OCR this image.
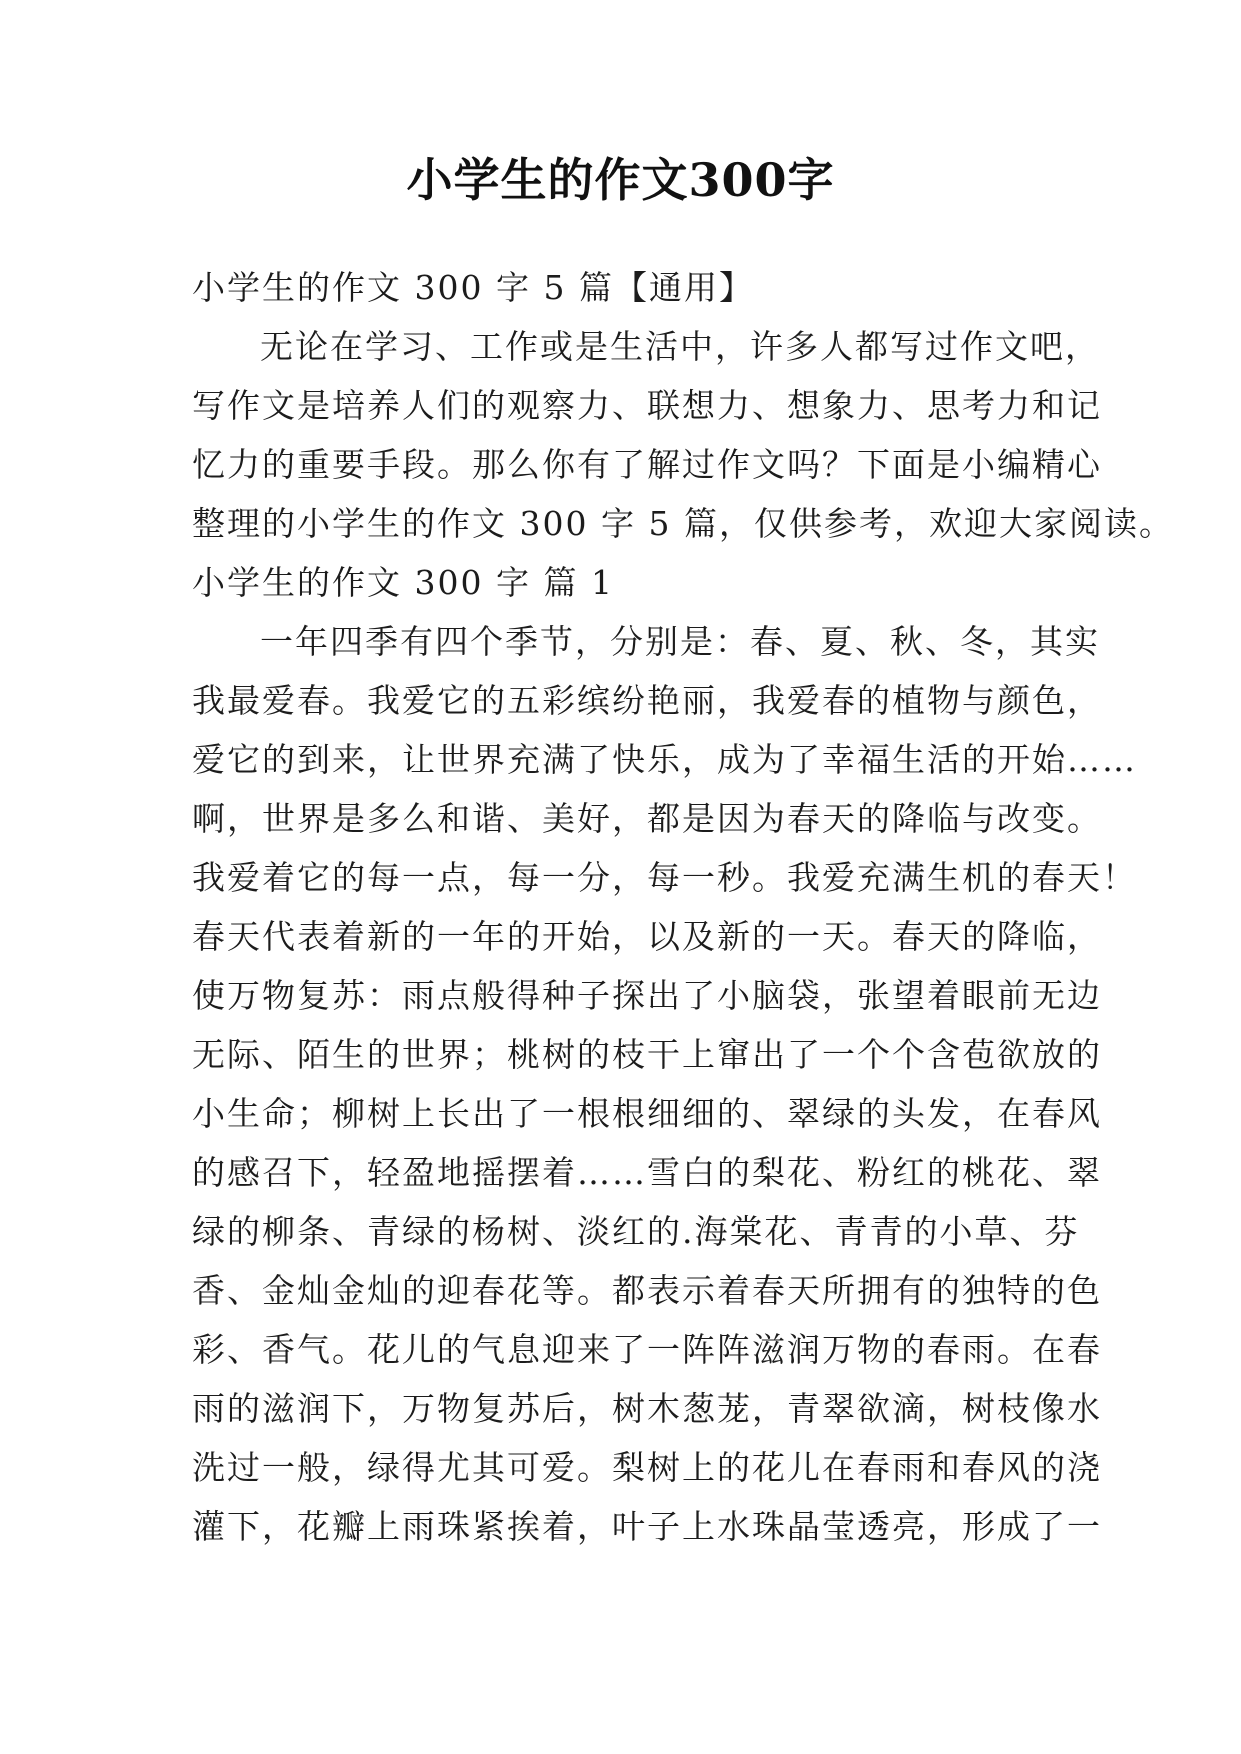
小学生的作文300字
小学生的作文 300 字 5 篇【通用】
无论在学习、工作或是生活中，许多人都写过作文吧，
写作文是培养人们的观察力、联想力、想象力、思考力和记
忆力的重要手段。那么你有了解过作文吗？下面是小编精心
整理的小学生的作文 300 字 5 篇，仅供参考，欢迎大家阅读。
小学生的作文 300 字 篇 1
一年四季有四个季节，分别是：春、夏、秋、冬，其实
我最爱春。我爱它的五彩缤纷艳丽，我爱春的植物与颜色，
爱它的到来，让世界充满了快乐，成为了幸福生活的开始……
啊，世界是多么和谐、美好，都是因为春天的降临与改变。
我爱着它的每一点，每一分，每一秒。我爱充满生机的春天！
春天代表着新的一年的开始，以及新的一天。春天的降临，
使万物复苏：雨点般得种子探出了小脑袋，张望着眼前无边
无际、陌生的世界；桃树的枝干上窜出了一个个含苞欲放的
小生命；柳树上长出了一根根细细的、翠绿的头发，在春风
的感召下，轻盈地摇摆着……雪白的梨花、粉红的桃花、翠
绿的柳条、青绿的杨树、淡红的.海棠花、青青的小草、芬
香、金灿金灿的迎春花等。都表示着春天所拥有的独特的色
彩、香气。花儿的气息迎来了一阵阵滋润万物的春雨。在春
雨的滋润下，万物复苏后，树木葱茏，青翠欲滴，树枝像水
洗过一般，绿得尤其可爱。梨树上的花儿在春雨和春风的浇
灌下，花瓣上雨珠紧挨着，叶子上水珠晶莹透亮，形成了一
